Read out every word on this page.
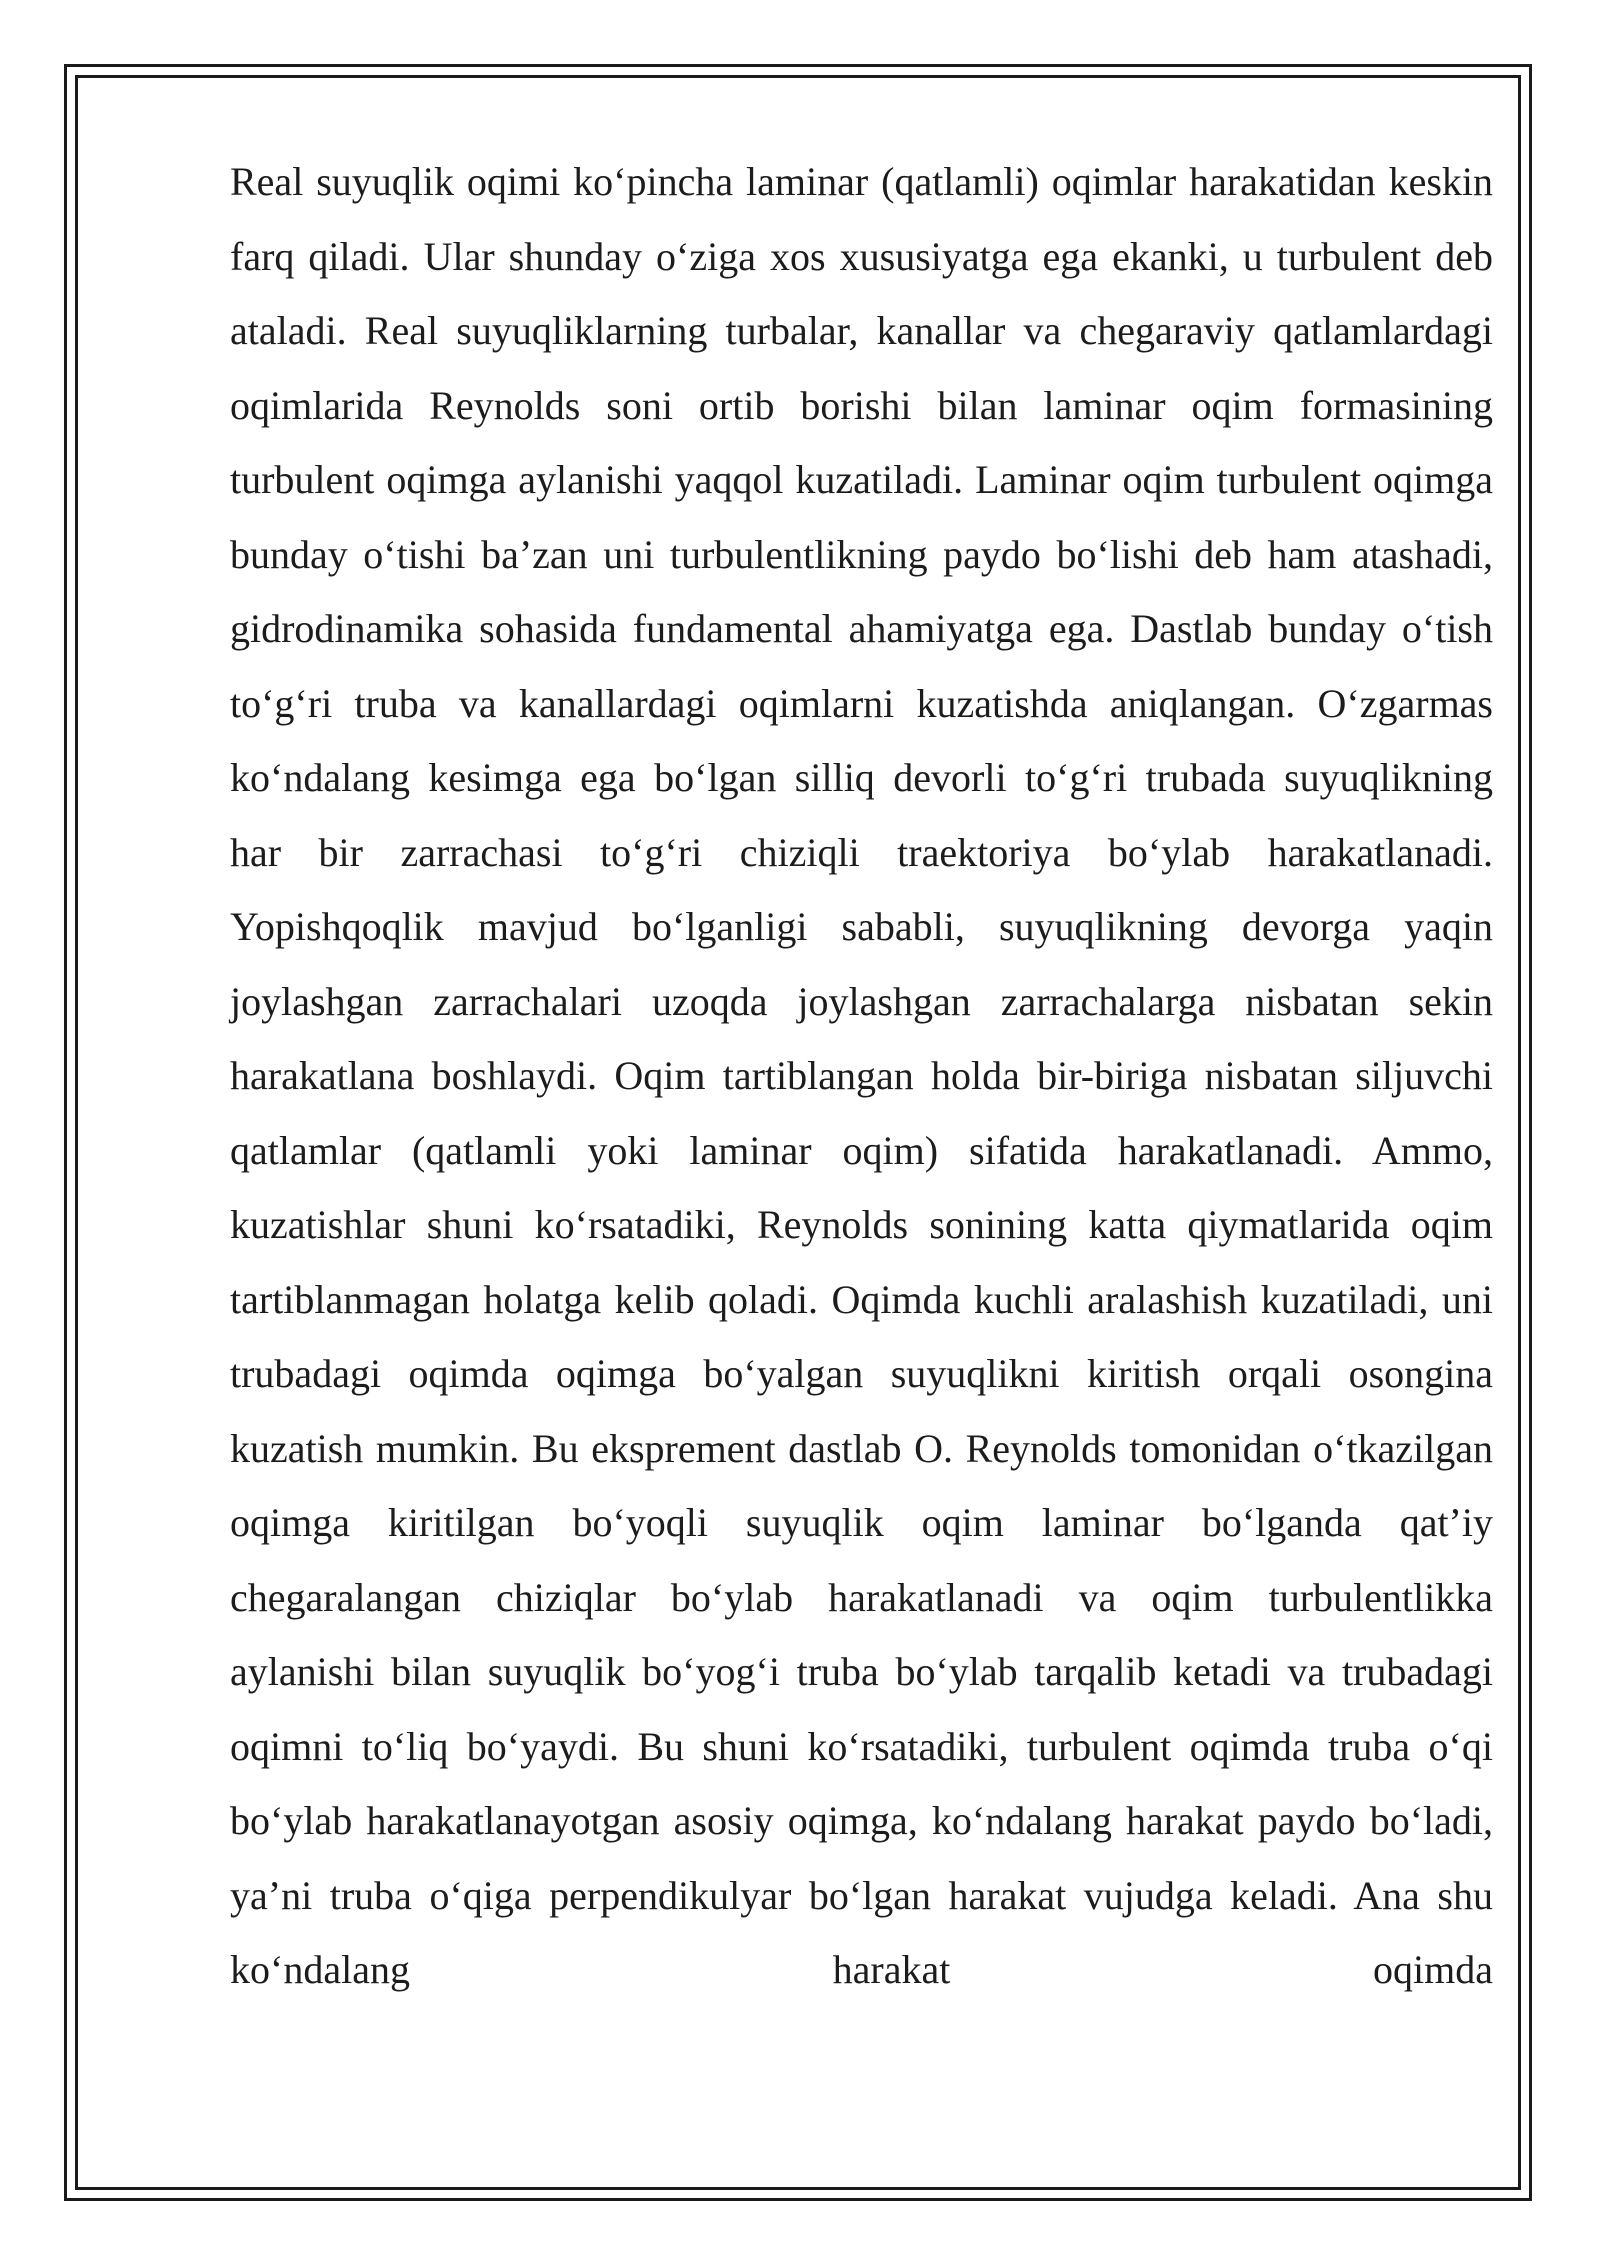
Real suyuqlik oqimi koʻpincha laminar (qatlamli) oqimlar harakatidan keskin farq qiladi. Ular shunday oʻziga xos xususiyatga ega ekanki, u turbulent deb ataladi. Real suyuqliklarning turbalar, kanallar va chegaraviy qatlamlardagi oqimlarida Reynolds soni ortib borishi bilan laminar oqim formasining turbulent oqimga aylanishi yaqqol kuzatiladi. Laminar oqim turbulent oqimga bunday oʻtishi baʼzan uni turbulentlikning paydo boʻlishi deb ham atashadi, gidrodinamika sohasida fundamental ahamiyatga ega. Dastlab bunday oʻtish toʻgʻri truba va kanallardagi oqimlarni kuzatishda aniqlangan. Oʻzgarmas koʻndalang kesimga ega boʻlgan silliq devorli toʻgʻri trubada suyuqlikning har bir zarrachasi toʻgʻri chiziqli traektoriya boʻylab harakatlanadi. Yopishqoqlik mavjud boʻlganligi sababli, suyuqlikning devorga yaqin joylashgan zarrachalari uzoqda joylashgan zarrachalarga nisbatan sekin harakatlana boshlaydi. Oqim tartiblangan holda bir-biriga nisbatan siljuvchi qatlamlar (qatlamli yoki laminar oqim) sifatida harakatlanadi. Ammo, kuzatishlar shuni koʻrsatadiki, Reynolds sonining katta qiymatlarida oqim tartiblanmagan holatga kelib qoladi. Oqimda kuchli aralashish kuzatiladi, uni trubadagi oqimda oqimga boʻyalgan suyuqlikni kiritish orqali osongina kuzatish mumkin. Bu ekspremеnt dastlab O. Reynolds tomonidan oʻtkazilgan oqimga kiritilgan boʻyoqli suyuqlik oqim laminar boʻlganda qatʼiy chegaralangan chiziqlar boʻylab harakatlanadi va oqim turbulentlikka aylanishi bilan suyuqlik boʻyogʻi truba boʻylab tarqalib ketadi va trubadagi oqimni toʻliq boʻyaydi. Bu shuni koʻrsatadiki, turbulent oqimda truba oʻqi boʻylab harakatlanayotgan asosiy oqimga, koʻndalang harakat paydo boʻladi, yaʼni truba oʻqiga perpendikulyar boʻlgan harakat vujudga keladi. Ana shu koʻndalang harakat oqimda
